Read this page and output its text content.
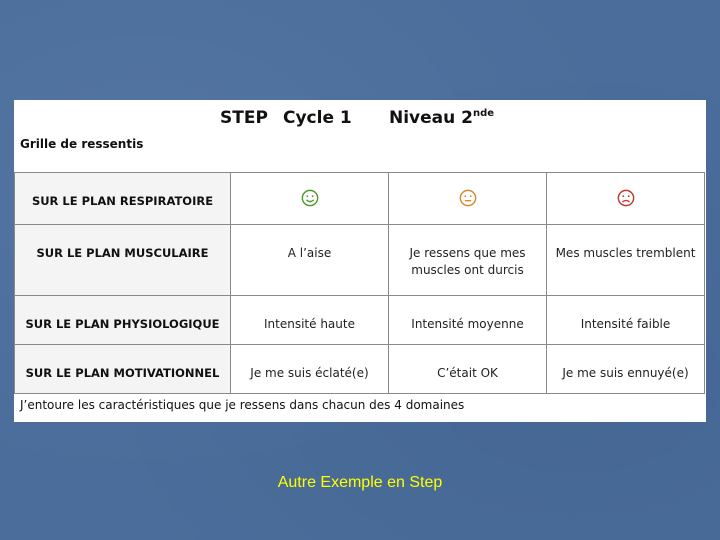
STEP Cycle 1 Niveau 2 nde
Grille de ressentis
SUR LE PLAN RESPIRATOIRE			
SUR LE PLAN MUSCULAIRE	A l’aise	Je ressens que mes muscles ont durcis	Mes muscles tremblent
SUR LE PLAN PHYSIOLOGIQUE	Intensité haute	Intensité moyenne	Intensité faible
SUR LE PLAN MOTIVATIONNEL	Je me suis éclaté(e)	C’était OK	Je me suis ennuyé(e)
J’entoure les caractéristiques que je ressens dans chacun des 4 domaines
Autre Exemple en Step
